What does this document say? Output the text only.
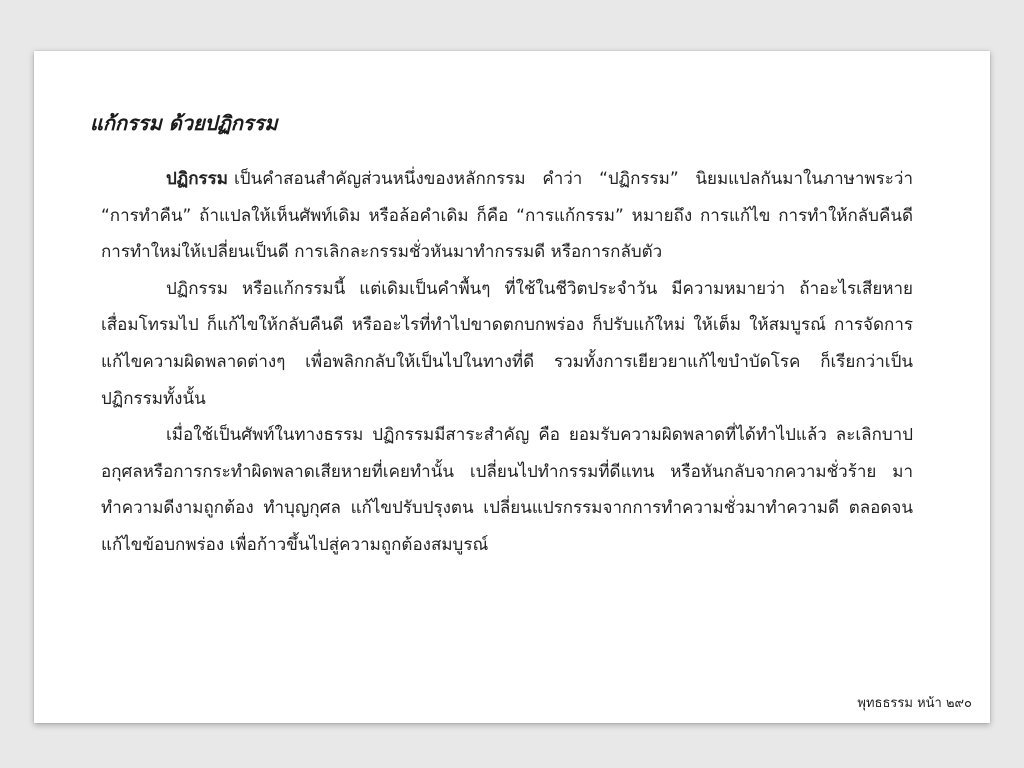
แก้กรรม ด้วยปฏิกรรม

ปฏิกรรม เป็นคำสอนสำคัญส่วนหนึ่งของหลักกรรม คำว่า “ปฏิกรรม” นิยมแปลกันมาในภาษาพระว่า “การทำคืน” ถ้าแปลให้เห็นศัพท์เดิม หรือล้อคำเดิม ก็คือ “การแก้กรรม” หมายถึง การแก้ไข การทำให้กลับคืนดี การทำใหม่ให้เปลี่ยนเป็นดี การเลิกละกรรมชั่วหันมาทำกรรมดี หรือการกลับตัว

ปฏิกรรม หรือแก้กรรมนี้ แต่เดิมเป็นคำพื้นๆ ที่ใช้ในชีวิตประจำวัน มีความหมายว่า ถ้าอะไรเสียหายเสื่อมโทรมไป ก็แก้ไขให้กลับคืนดี หรืออะไรที่ทำไปขาดตกบกพร่อง ก็ปรับแก้ใหม่ ให้เต็ม ให้สมบูรณ์ การจัดการแก้ไขความผิดพลาดต่างๆ เพื่อพลิกกลับให้เป็นไปในทางที่ดี รวมทั้งการเยียวยาแก้ไขบำบัดโรค ก็เรียกว่าเป็นปฏิกรรมทั้งนั้น

เมื่อใช้เป็นศัพท์ในทางธรรม ปฏิกรรมมีสาระสำคัญ คือ ยอมรับความผิดพลาดที่ได้ทำไปแล้ว ละเลิกบาปอกุศลหรือการกระทำผิดพลาดเสียหายที่เคยทำนั้น เปลี่ยนไปทำกรรมที่ดีแทน หรือหันกลับจากความชั่วร้าย มาทำความดีงามถูกต้อง ทำบุญกุศล แก้ไขปรับปรุงตน เปลี่ยนแปรกรรมจากการทำความชั่วมาทำความดี ตลอดจนแก้ไขข้อบกพร่อง เพื่อก้าวขึ้นไปสู่ความถูกต้องสมบูรณ์

พุทธธรรม หน้า ๒๙๐
